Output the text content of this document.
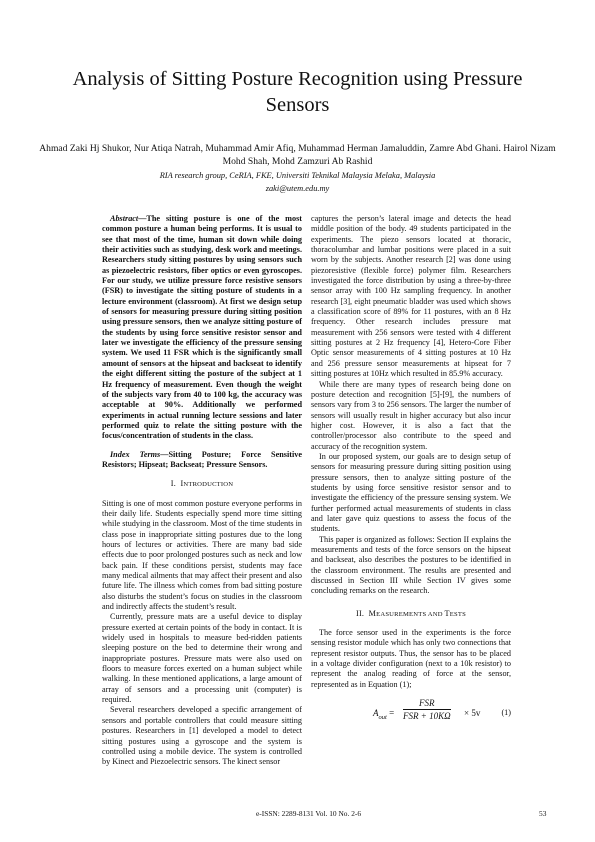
Analysis of Sitting Posture Recognition using Pressure Sensors
Ahmad Zaki Hj Shukor, Nur Atiqa Natrah, Muhammad Amir Afiq, Muhammad Herman Jamaluddin, Zamre Abd Ghani. Hairol Nizam Mohd Shah, Mohd Zamzuri Ab Rashid
RIA research group, CeRIA, FKE, Universiti Teknikal Malaysia Melaka, Malaysia
zaki@utem.edu.my

Abstract—The sitting posture is one of the most common posture a human being performs. It is usual to see that most of the time, human sit down while doing their activities such as studying, desk work and meetings. Researchers study sitting postures by using sensors such as piezoelectric resistors, fiber optics or even gyroscopes. For our study, we utilize pressure force resistive sensors (FSR) to investigate the sitting posture of students in a lecture environment (classroom). At first we design setup of sensors for measuring pressure during sitting position using pressure sensors, then we analyze sitting posture of the students by using force sensitive resistor sensor and later we investigate the efficiency of the pressure sensing system. We used 11 FSR which is the significantly small amount of sensors at the hipseat and backseat to identify the eight different sitting the posture of the subject at 1 Hz frequency of measurement. Even though the weight of the subjects vary from 40 to 100 kg, the accuracy was acceptable at 90%. Additionally we performed experiments in actual running lecture sessions and later performed quiz to relate the sitting posture with the focus/concentration of students in the class.

Index Terms—Sitting Posture; Force Sensitive Resistors; Hipseat; Backseat; Pressure Sensors.

I. INTRODUCTION

Sitting is one of most common posture everyone performs in their daily life. Students especially spend more time sitting while studying in the classroom. Most of the time students in class pose in inappropriate sitting postures due to the long hours of lectures or activities. There are many bad side effects due to poor prolonged postures such as neck and low back pain. If these conditions persist, students may face many medical ailments that may affect their present and also future life. The illness which comes from bad sitting posture also disturbs the student’s focus on studies in the classroom and indirectly affects the student’s result.

Currently, pressure mats are a useful device to display pressure exerted at certain points of the body in contact. It is widely used in hospitals to measure bed-ridden patients sleeping posture on the bed to determine their wrong and inappropriate postures. Pressure mats were also used on floors to measure forces exerted on a human subject while walking. In these mentioned applications, a large amount of array of sensors and a processing unit (computer) is required.

Several researchers developed a specific arrangement of sensors and portable controllers that could measure sitting postures. Researchers in [1] developed a model to detect sitting postures using a gyroscope and the system is controlled using a mobile device. The system is controlled by Kinect and Piezoelectric sensors. The kinect sensor

captures the person’s lateral image and detects the head middle position of the body. 49 students participated in the experiments. The piezo sensors located at thoracic, thoracolumbar and lumbar positions were placed in a suit worn by the subjects. Another research [2] was done using piezoresistive (flexible force) polymer film. Researchers investigated the force distribution by using a three-by-three sensor array with 100 Hz sampling frequency. In another research [3], eight pneumatic bladder was used which shows a classification score of 89% for 11 postures, with an 8 Hz frequency. Other research includes pressure mat measurement with 256 sensors were tested with 4 different sitting postures at 2 Hz frequency [4], Hetero-Core Fiber Optic sensor measurements of 4 sitting postures at 10 Hz and 256 pressure sensor measurements at hipseat for 7 sitting postures at 10Hz which resulted in 85.9% accuracy.

While there are many types of research being done on posture detection and recognition [5]-[9], the numbers of sensors vary from 3 to 256 sensors. The larger the number of sensors will usually result in higher accuracy but also incur higher cost. However, it is also a fact that the controller/processor also contribute to the speed and accuracy of the recognition system.

In our proposed system, our goals are to design setup of sensors for measuring pressure during sitting position using pressure sensors, then to analyze sitting posture of the students by using force sensitive resistor sensor and to investigate the efficiency of the pressure sensing system. We further performed actual measurements of students in class and later gave quiz questions to assess the focus of the students.

This paper is organized as follows: Section II explains the measurements and tests of the force sensors on the hipseat and backseat, also describes the postures to be identified in the classroom environment. The results are presented and discussed in Section III while Section IV gives some concluding remarks on the research.

II. MEASUREMENTS AND TESTS

The force sensor used in the experiments is the force sensing resistor module which has only two connections that represent resistor outputs. Thus, the sensor has to be placed in a voltage divider configuration (next to a 10k resistor) to represent the analog reading of force at the sensor, represented as in Equation (1);

$A_{out}$ =
FSR
FSR + 10KΩ × 5v	(1)
e-ISSN: 2289-8131 Vol. 10 No. 2-6	53
